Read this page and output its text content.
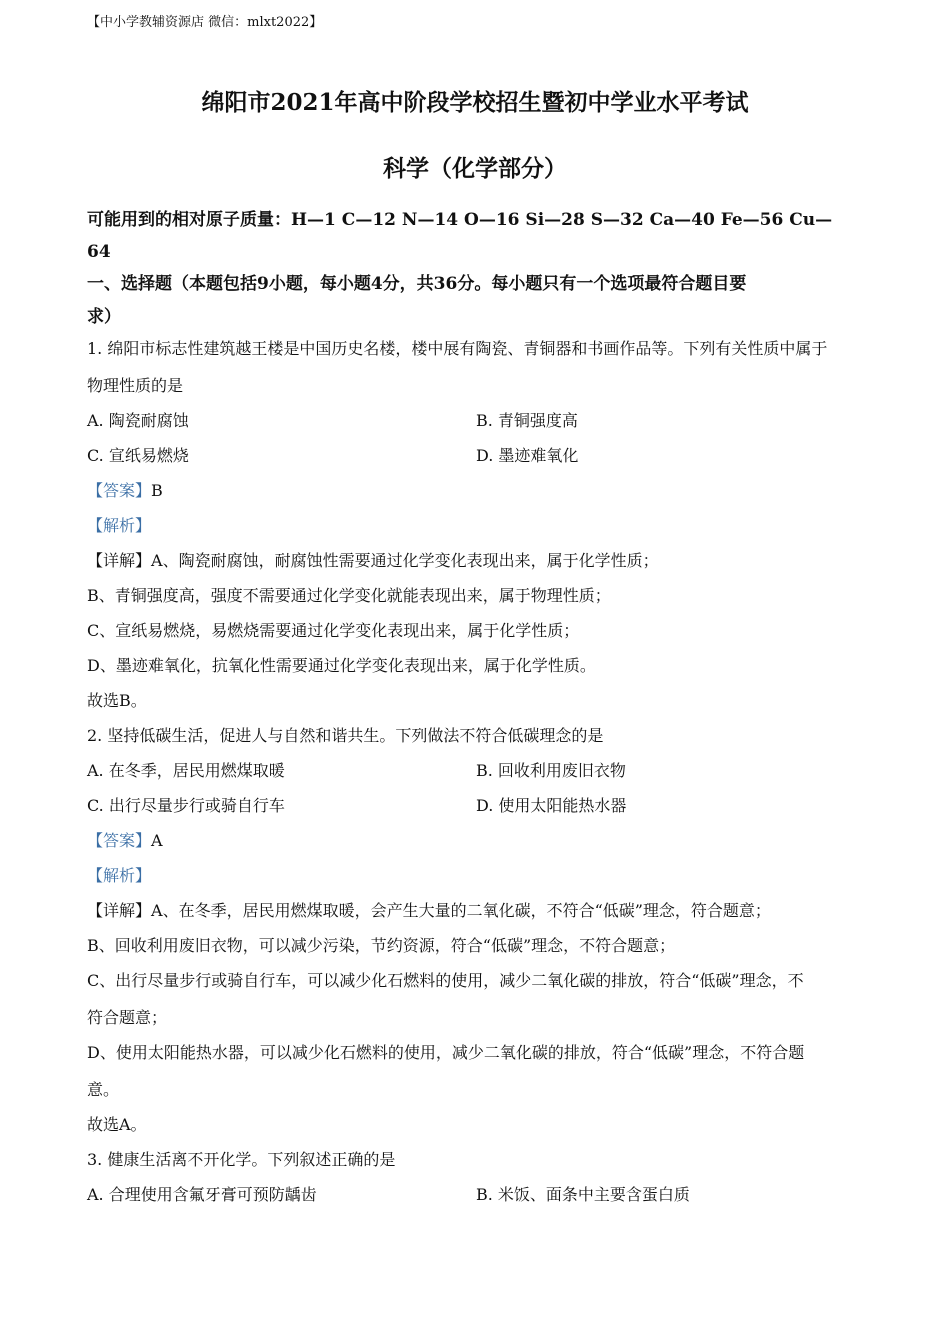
【中小学教辅资源店 微信：mlxt2022】
绵阳市2021年高中阶段学校招生暨初中学业水平考试
科学（化学部分）
可能用到的相对原子质量：H—1 C—12 N—14 O—16 Si—28 S—32 Ca—40 Fe—56 Cu—
64
一、选择题（本题包括9小题，每小题4分，共36分。每小题只有一个选项最符合题目要
求）
1. 绵阳市标志性建筑越王楼是中国历史名楼，楼中展有陶瓷、青铜器和书画作品等。下列有关性质中属于
物理性质的是
A. 陶瓷耐腐蚀	B. 青铜强度高
C. 宣纸易燃烧	D. 墨迹难氧化
【答案】B
【解析】
【详解】A、陶瓷耐腐蚀，耐腐蚀性需要通过化学变化表现出来，属于化学性质；
B、青铜强度高，强度不需要通过化学变化就能表现出来，属于物理性质；
C、宣纸易燃烧，易燃烧需要通过化学变化表现出来，属于化学性质；
D、墨迹难氧化，抗氧化性需要通过化学变化表现出来，属于化学性质。
故选B。
2. 坚持低碳生活，促进人与自然和谐共生。下列做法不符合低碳理念的是
A. 在冬季，居民用燃煤取暖	B. 回收利用废旧衣物
C. 出行尽量步行或骑自行车	D. 使用太阳能热水器
【答案】A
【解析】
【详解】A、在冬季，居民用燃煤取暖，会产生大量的二氧化碳，不符合“低碳”理念，符合题意；
B、回收利用废旧衣物，可以减少污染，节约资源，符合“低碳”理念，不符合题意；
C、出行尽量步行或骑自行车，可以减少化石燃料的使用，减少二氧化碳的排放，符合“低碳”理念，不
符合题意；
D、使用太阳能热水器，可以减少化石燃料的使用，减少二氧化碳的排放，符合“低碳”理念，不符合题
意。
故选A。
3. 健康生活离不开化学。下列叙述正确的是
A. 合理使用含氟牙膏可预防龋齿	B. 米饭、面条中主要含蛋白质
